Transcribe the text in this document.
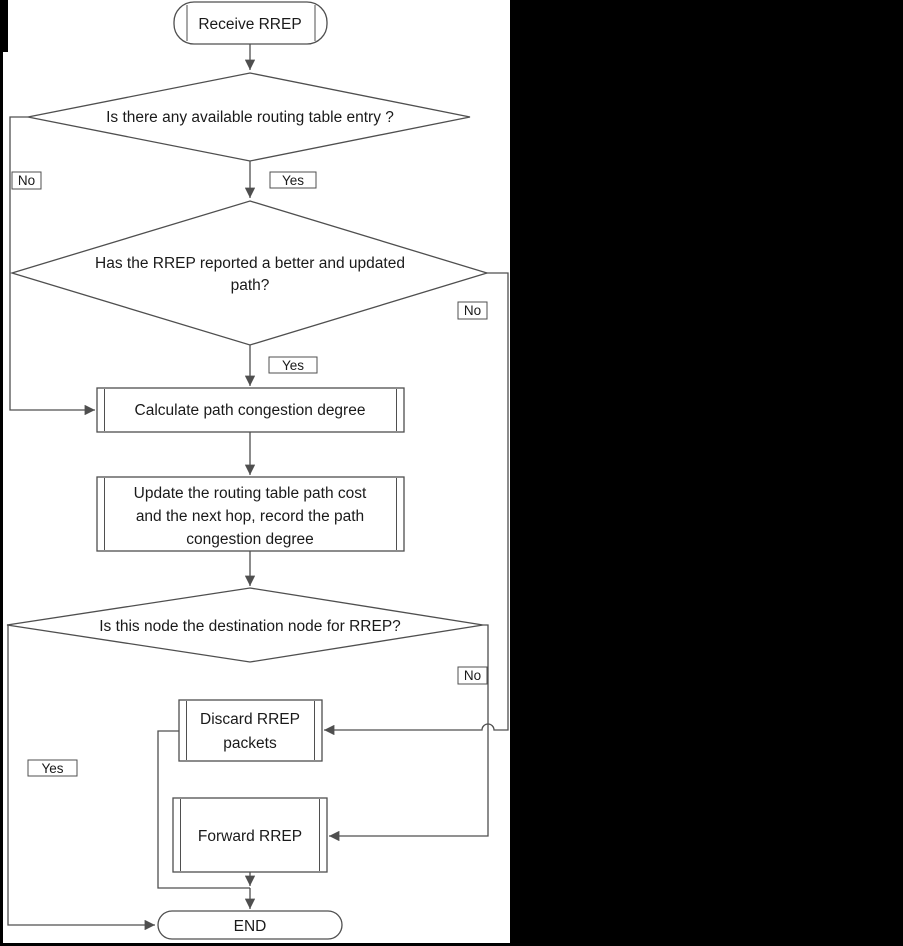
Receive RREP
Is there any available routing table entry ?
Has the RREP reported a better and updated
path?
Calculate path congestion degree
Update the routing table path cost
and the next hop, record the path
congestion degree
Is this node the destination node for RREP?
Discard RREP
packets
Forward RREP
END
No	Yes
No
Yes
No
Yes
